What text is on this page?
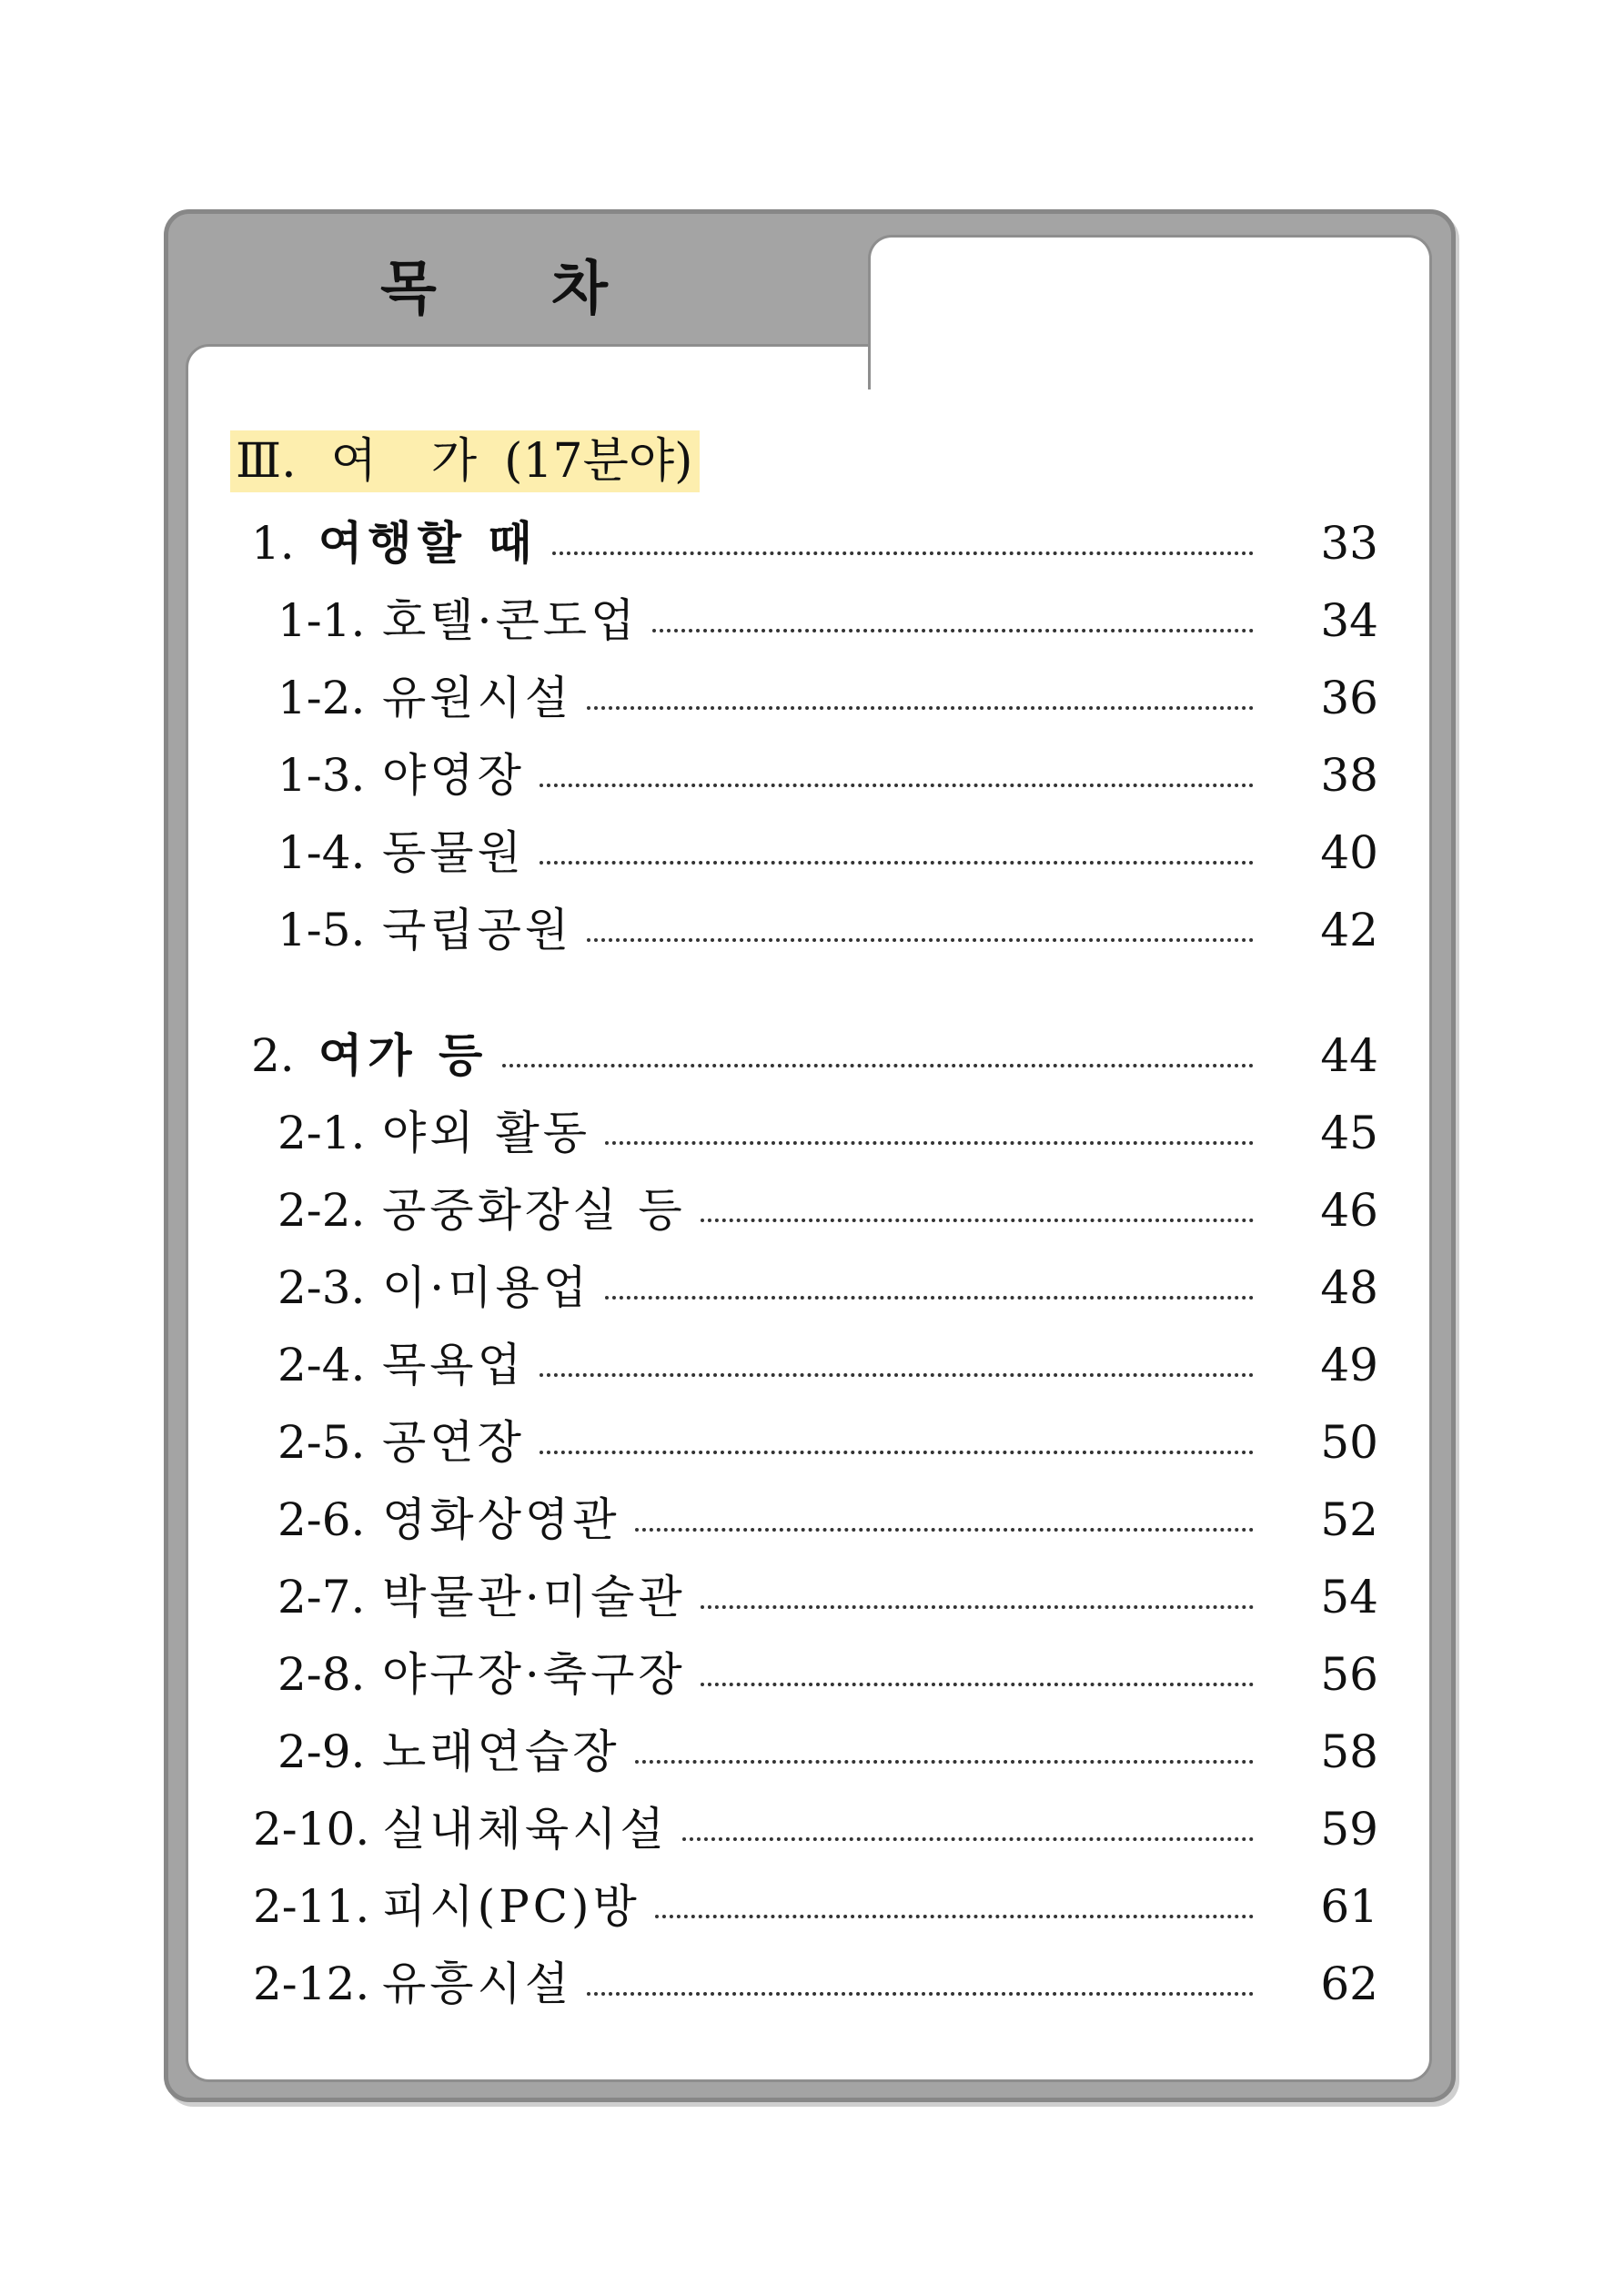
목 차
Ⅲ. 여 가 (17분야)
1. 여행할 때	33
1-1. 호텔·콘도업	34
1-2. 유원시설	36
1-3. 야영장	38
1-4. 동물원	40
1-5. 국립공원	42
2. 여가 등	44
2-1. 야외 활동	45
2-2. 공중화장실 등	46
2-3. 이·미용업	48
2-4. 목욕업	49
2-5. 공연장	50
2-6. 영화상영관	52
2-7. 박물관·미술관	54
2-8. 야구장·축구장	56
2-9. 노래연습장	58
2-10. 실내체육시설	59
2-11. 피시(PC)방	61
2-12. 유흥시설	62
